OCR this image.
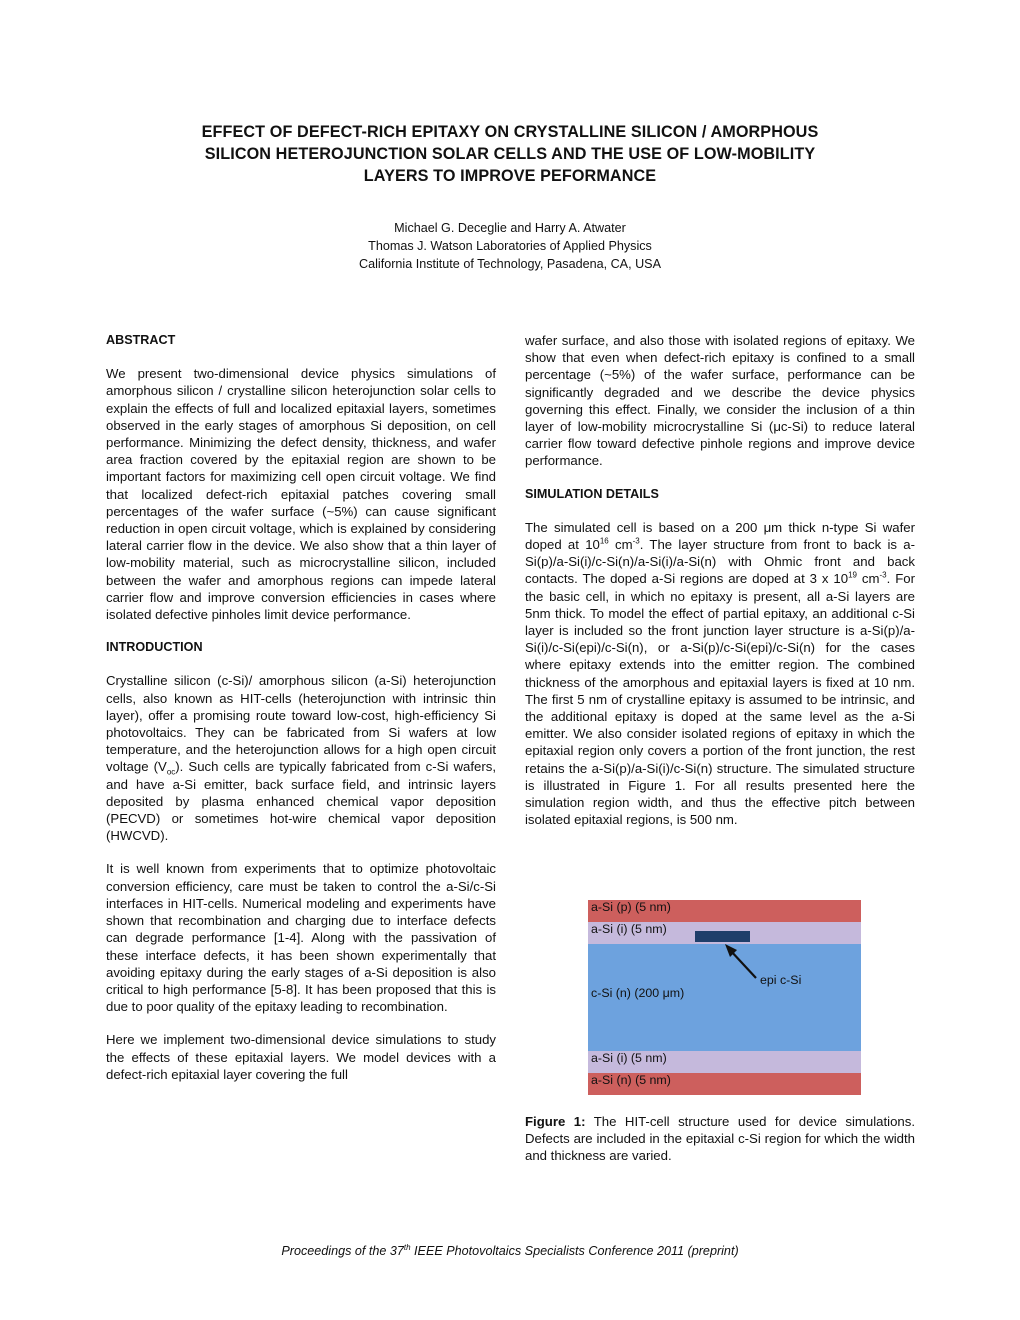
EFFECT OF DEFECT-RICH EPITAXY ON CRYSTALLINE SILICON / AMORPHOUS
SILICON HETEROJUNCTION SOLAR CELLS AND THE USE OF LOW-MOBILITY
LAYERS TO IMPROVE PEFORMANCE
Michael G. Deceglie and Harry A. Atwater
Thomas J. Watson Laboratories of Applied Physics
California Institute of Technology, Pasadena, CA, USA

ABSTRACT

We present two-dimensional device physics simulations of amorphous silicon / crystalline silicon heterojunction solar cells to explain the effects of full and localized epitaxial layers, sometimes observed in the early stages of amorphous Si deposition, on cell performance. Minimizing the defect density, thickness, and wafer area fraction covered by the epitaxial region are shown to be important factors for maximizing cell open circuit voltage. We find that localized defect-rich epitaxial patches covering small percentages of the wafer surface (~5%) can cause significant reduction in open circuit voltage, which is explained by considering lateral carrier flow in the device. We also show that a thin layer of low-mobility material, such as microcrystalline silicon, included between the wafer and amorphous regions can impede lateral carrier flow and improve conversion efficiencies in cases where isolated defective pinholes limit device performance.

INTRODUCTION

Crystalline silicon (c-Si)/ amorphous silicon (a-Si) heterojunction cells, also known as HIT-cells (heterojunction with intrinsic thin layer), offer a promising route toward low-cost, high-efficiency Si photovoltaics. They can be fabricated from Si wafers at low temperature, and the heterojunction allows for a high open circuit voltage $(V_{oc})$. Such cells are typically fabricated from c-Si wafers, and have a-Si emitter, back surface field, and intrinsic layers deposited by plasma enhanced chemical vapor deposition (PECVD) or sometimes hot-wire chemical vapor deposition (HWCVD).

It is well known from experiments that to optimize photovoltaic conversion efficiency, care must be taken to control the a-Si/c-Si interfaces in HIT-cells. Numerical modeling and experiments have shown that recombination and charging due to interface defects can degrade performance [1-4]. Along with the passivation of these interface defects, it has been shown experimentally that avoiding epitaxy during the early stages of a-Si deposition is also critical to high performance [5-8]. It has been proposed that this is due to poor quality of the epitaxy leading to recombination.

Here we implement two-dimensional device simulations to study the effects of these epitaxial layers. We model devices with a defect-rich epitaxial layer covering the full

wafer surface, and also those with isolated regions of epitaxy. We show that even when defect-rich epitaxy is confined to a small percentage (~5%) of the wafer surface, performance can be significantly degraded and we describe the device physics governing this effect. Finally, we consider the inclusion of a thin layer of low-mobility microcrystalline Si (μc-Si) to reduce lateral carrier flow toward defective pinhole regions and improve device performance.

SIMULATION DETAILS

The simulated cell is based on a 200 μm thick n-type Si wafer doped at $10^{16}$ $cm^{-3}$. The layer structure from front to back is a-Si(p)/a-Si(i)/c-Si(n)/a-Si(i)/a-Si(n) with Ohmic front and back contacts. The doped a-Si regions are doped at 3 x $10^{19}$ $cm^{-3}$. For the basic cell, in which no epitaxy is present, all a-Si layers are 5nm thick. To model the effect of partial epitaxy, an additional c-Si layer is included so the front junction layer structure is a-Si(p)/a-Si(i)/c-Si(epi)/c-Si(n), or a-Si(p)/c-Si(epi)/c-Si(n) for the cases where epitaxy extends into the emitter region. The combined thickness of the amorphous and epitaxial layers is fixed at 10 nm. The first 5 nm of crystalline epitaxy is assumed to be intrinsic, and the additional epitaxy is doped at the same level as the a-Si emitter. We also consider isolated regions of epitaxy in which the epitaxial region only covers a portion of the front junction, the rest retains the a-Si(p)/a-Si(i)/c-Si(n) structure. The simulated structure is illustrated in Figure 1. For all results presented here the simulation region width, and thus the effective pitch between isolated epitaxial regions, is 500 nm.

a-Si (p) (5 nm)
a-Si (i) (5 nm)
c-Si (n) (200 μm)
epi c-Si
a-Si (i) (5 nm)
a-Si (n) (5 nm)
Figure 1: The HIT-cell structure used for device simulations. Defects are included in the epitaxial c-Si region for which the width and thickness are varied.
Proceedings of the 37th IEEE Photovoltaics Specialists Conference 2011 (preprint)
